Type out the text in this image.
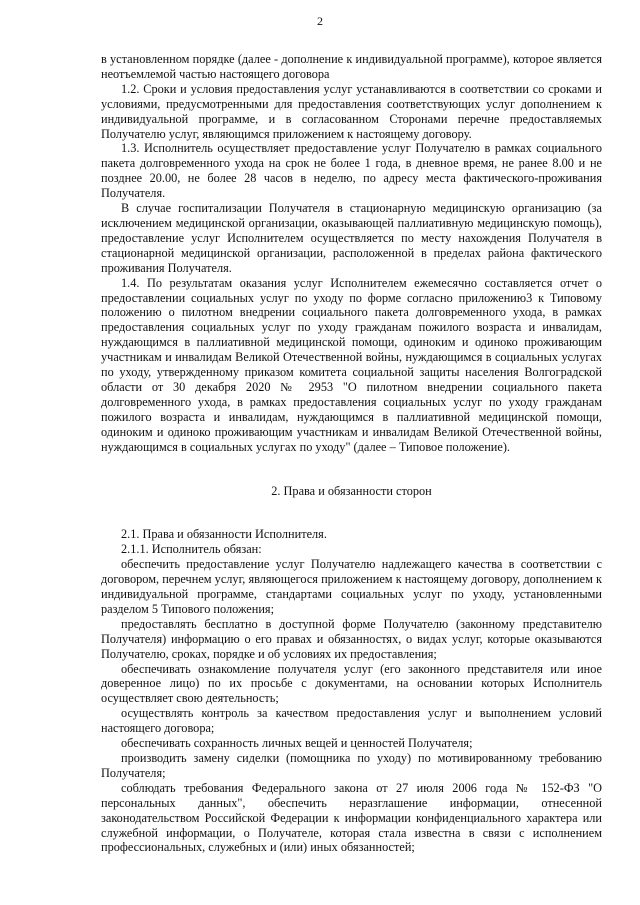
2

в установленном порядке (далее - дополнение к индивидуальной программе), которое является неотъемлемой частью настоящего договора

1.2. Сроки и условия предоставления услуг устанавливаются в соответствии со сроками и условиями, предусмотренными для предоставления соответствующих услуг дополнением к индивидуальной программе, и в согласованном Сторонами перечне предоставляемых Получателю услуг, являющимся приложением к настоящему договору.

1.3. Исполнитель осуществляет предоставление услуг Получателю в рамках социального пакета долговременного ухода на срок не более 1 года, в дневное время, не ранее 8.00 и не позднее 20.00, не более 28 часов в неделю, по адресу места фактического-проживания Получателя.

В случае госпитализации Получателя в стационарную медицинскую организацию (за исключением медицинской организации, оказывающей паллиативную медицинскую помощь), предоставление услуг Исполнителем осуществляется по месту нахождения Получателя в стационарной медицинской организации, расположенной в пределах района фактического проживания Получателя.

1.4. По результатам оказания услуг Исполнителем ежемесячно составляется отчет о предоставлении социальных услуг по уходу по форме согласно приложению3 к Типовому положению о пилотном внедрении социального пакета долговременного ухода, в рамках предоставления социальных услуг по уходу гражданам пожилого возраста и инвалидам, нуждающимся в паллиативной медицинской помощи, одиноким и одиноко проживающим участникам и инвалидам Великой Отечественной войны, нуждающимся в социальных услугах по уходу, утвержденному приказом комитета социальной защиты населения Волгоградской области от 30 декабря 2020 № 2953 "О пилотном внедрении социального пакета долговременного ухода, в рамках предоставления социальных услуг по уходу гражданам пожилого возраста и инвалидам, нуждающимся в паллиативной медицинской помощи, одиноким и одиноко проживающим участникам и инвалидам Великой Отечественной войны, нуждающимся в социальных услугах по уходу" (далее – Типовое положение).

2. Права и обязанности сторон

2.1. Права и обязанности Исполнителя.

2.1.1. Исполнитель обязан:

обеспечить предоставление услуг Получателю надлежащего качества в соответствии с договором, перечнем услуг, являющегося приложением к настоящему договору, дополнением к индивидуальной программе, стандартами социальных услуг по уходу, установленными разделом 5 Типового положения;

предоставлять бесплатно в доступной форме Получателю (законному представителю Получателя) информацию о его правах и обязанностях, о видах услуг, которые оказываются Получателю, сроках, порядке и об условиях их предоставления;

обеспечивать ознакомление получателя услуг (его законного представителя или иное доверенное лицо) по их просьбе с документами, на основании которых Исполнитель осуществляет свою деятельность;

осуществлять контроль за качеством предоставления услуг и выполнением условий настоящего договора;

обеспечивать сохранность личных вещей и ценностей Получателя;

производить замену сиделки (помощника по уходу) по мотивированному требованию Получателя;

соблюдать требования Федерального закона от 27 июля 2006 года № 152-ФЗ "О персональных данных", обеспечить неразглашение информации, отнесенной законодательством Российской Федерации к информации конфиденциального характера или служебной информации, о Получателе, которая стала известна в связи с исполнением профессиональных, служебных и (или) иных обязанностей;
